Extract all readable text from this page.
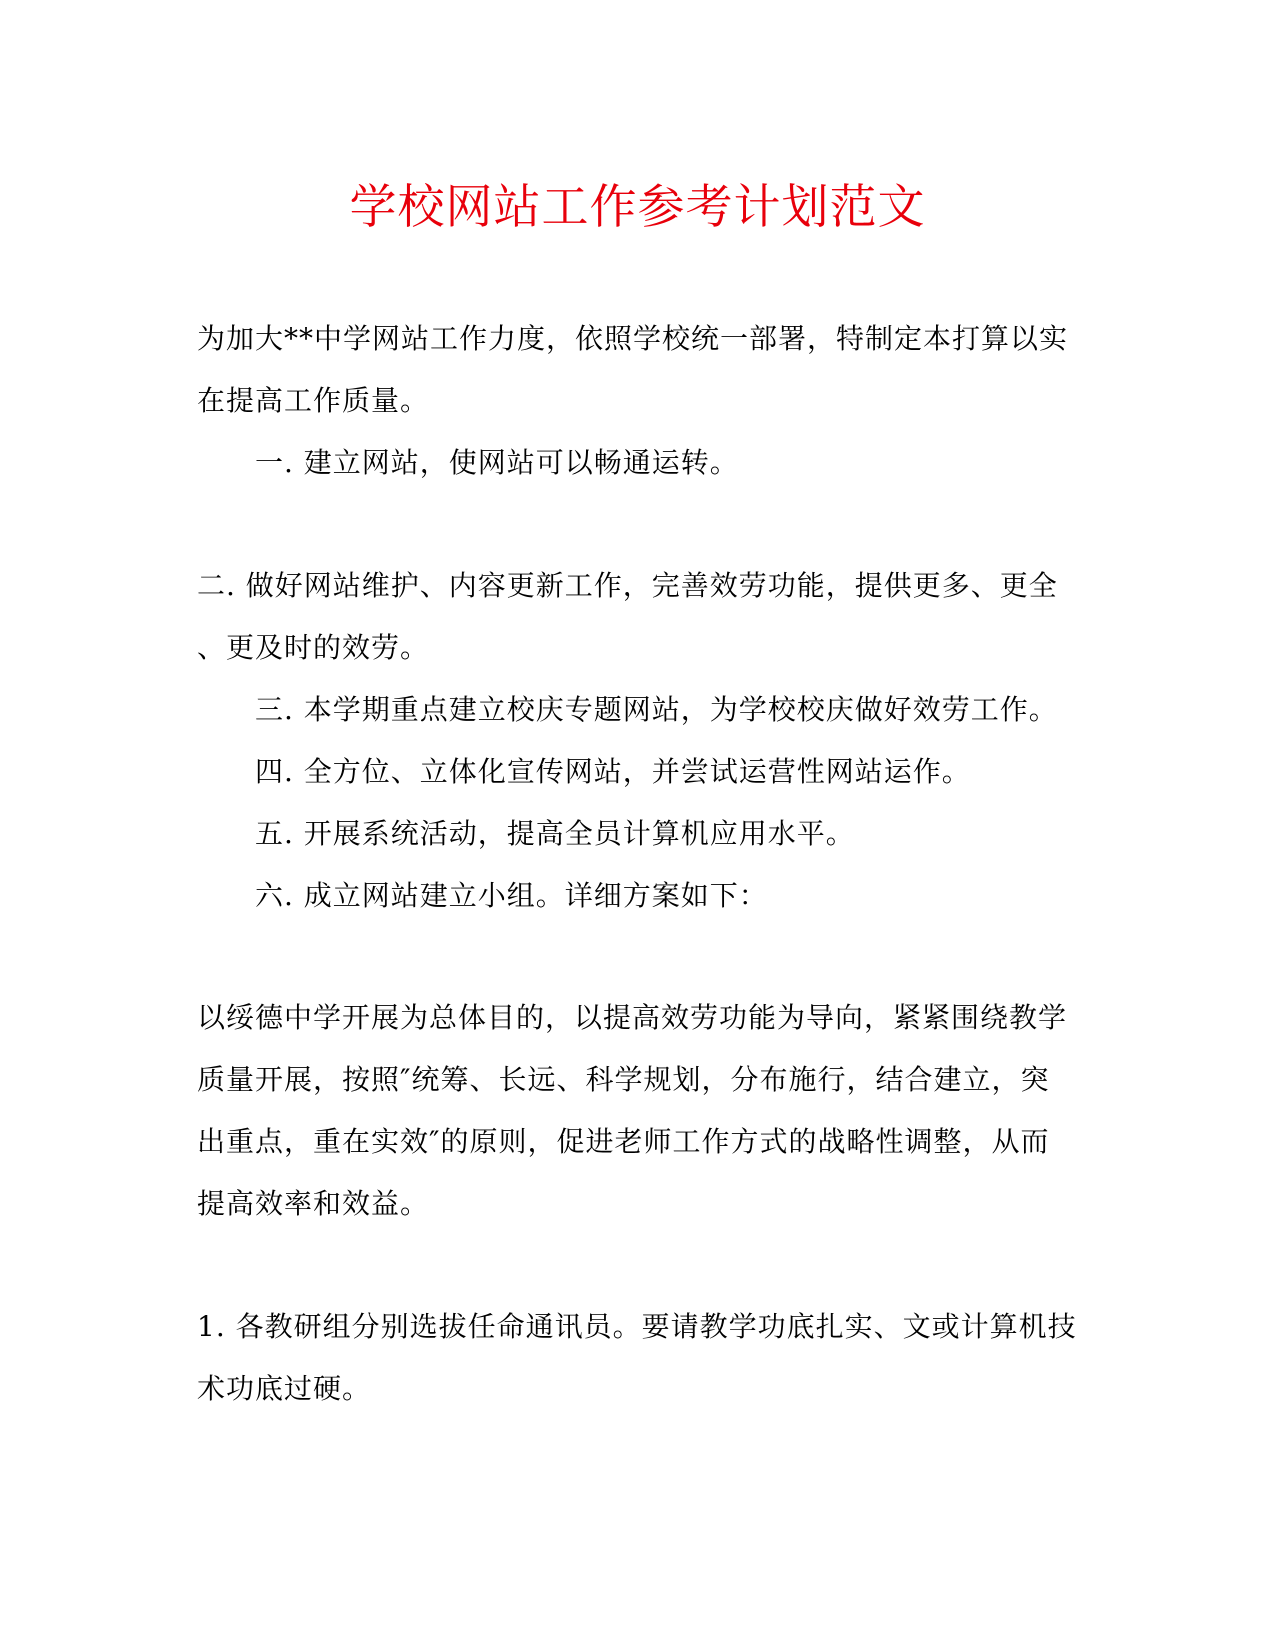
学校网站工作参考计划范文

为加大**中学网站工作力度，依照学校统一部署，特制定本打算以实

在提高工作质量。

一. 建立网站，使网站可以畅通运转。

二. 做好网站维护、内容更新工作，完善效劳功能，提供更多、更全

、更及时的效劳。

三. 本学期重点建立校庆专题网站，为学校校庆做好效劳工作。

四. 全方位、立体化宣传网站，并尝试运营性网站运作。

五. 开展系统活动，提高全员计算机应用水平。

六. 成立网站建立小组。详细方案如下：

以绥德中学开展为总体目的，以提高效劳功能为导向，紧紧围绕教学

质量开展，按照″统筹、长远、科学规划，分布施行，结合建立，突

出重点，重在实效″的原则，促进老师工作方式的战略性调整，从而

提高效率和效益。

1. 各教研组分别选拔任命通讯员。要请教学功底扎实、文或计算机技

术功底过硬。
